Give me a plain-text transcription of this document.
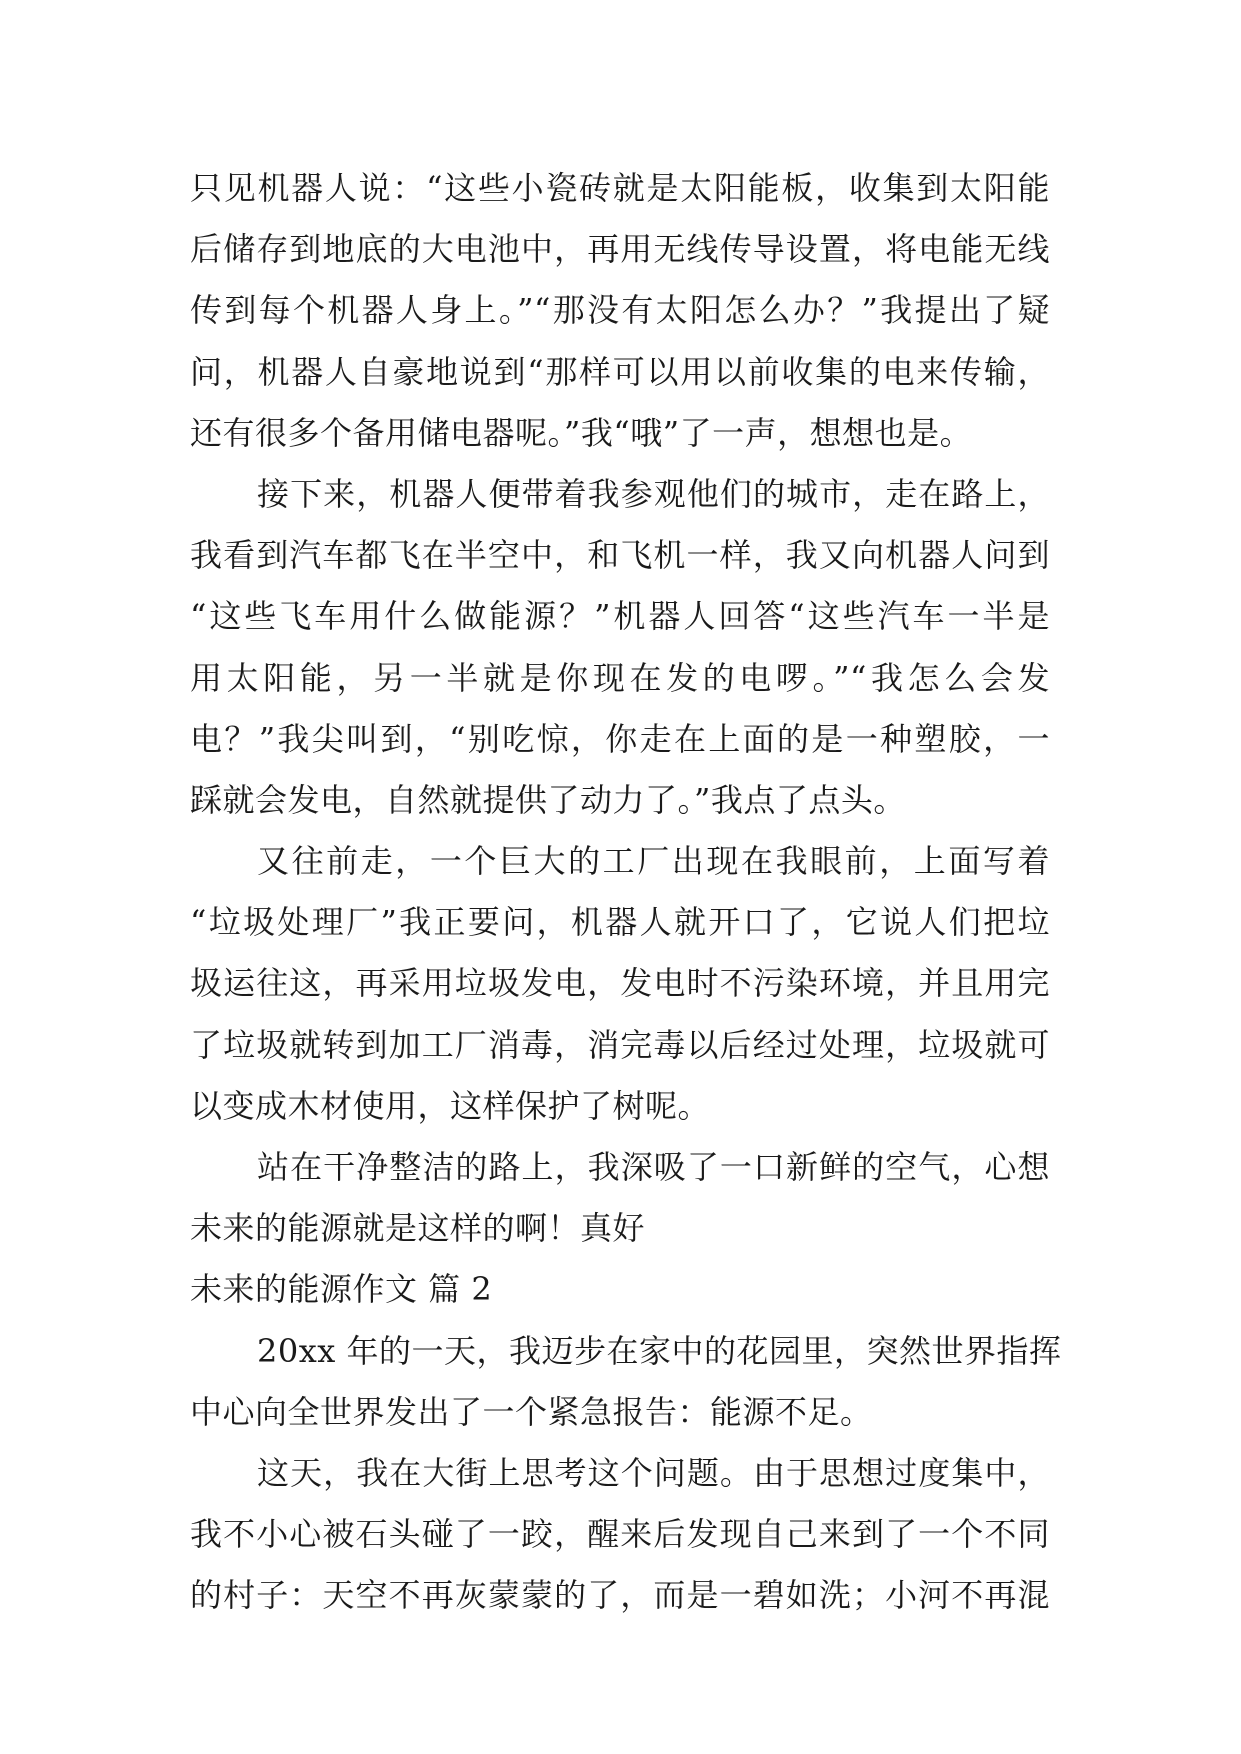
只见机器人说：“这些小瓷砖就是太阳能板，收集到太阳能
后储存到地底的大电池中，再用无线传导设置，将电能无线
传到每个机器人身上。”“那没有太阳怎么办？”我提出了疑
问，机器人自豪地说到“那样可以用以前收集的电来传输，
还有很多个备用储电器呢。”我“哦”了一声，想想也是。
接下来，机器人便带着我参观他们的城市，走在路上，
我看到汽车都飞在半空中，和飞机一样，我又向机器人问到
“这些飞车用什么做能源？”机器人回答“这些汽车一半是
用太阳能，另一半就是你现在发的电啰。”“我怎么会发
电？”我尖叫到，“别吃惊，你走在上面的是一种塑胶，一
踩就会发电，自然就提供了动力了。”我点了点头。
又往前走，一个巨大的工厂出现在我眼前，上面写着
“垃圾处理厂”我正要问，机器人就开口了，它说人们把垃
圾运往这，再采用垃圾发电，发电时不污染环境，并且用完
了垃圾就转到加工厂消毒，消完毒以后经过处理，垃圾就可
以变成木材使用，这样保护了树呢。
站在干净整洁的路上，我深吸了一口新鲜的空气，心想
未来的能源就是这样的啊！真好
未来的能源作文 篇 2
20xx 年的一天，我迈步在家中的花园里，突然世界指挥
中心向全世界发出了一个紧急报告：能源不足。
这天，我在大街上思考这个问题。由于思想过度集中，
我不小心被石头碰了一跤，醒来后发现自己来到了一个不同
的村子：天空不再灰蒙蒙的了，而是一碧如洗；小河不再混
